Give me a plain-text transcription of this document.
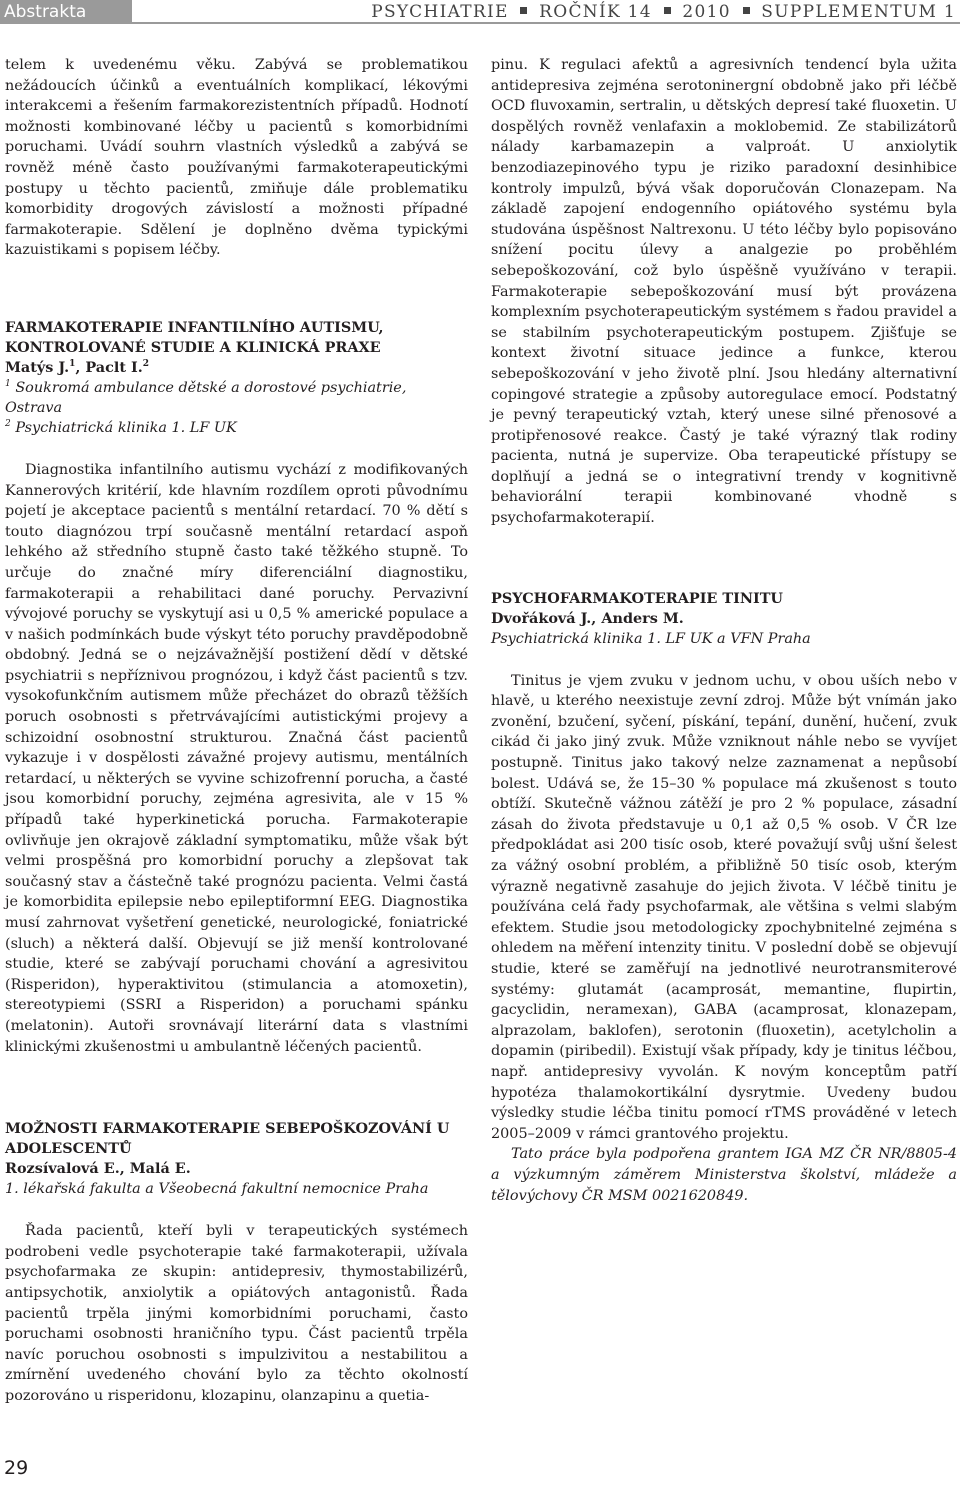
Abstrakta	PSYCHIATRIE ROČNÍK 14 2010 SUPPLEMENTUM 1

telem k uvedenému věku. Zabývá se problematikou nežádoucích účinků a eventuálních komplikací, lékovými interakcemi a řešením farmakorezistentních případů. Hodnotí možnosti kombinované léčby u pacientů s komorbidními poruchami. Uvádí souhrn vlastních výsledků a zabývá se rovněž méně často používanými farmakoterapeutickými postupy u těchto pacientů, zmiňuje dále problematiku komorbidity drogových závislostí a možnosti případné farmakoterapie. Sdělení je doplněno dvěma typickými kazuistikami s popisem léčby.

FARMAKOTERAPIE INFANTILNÍHO AUTISMU, KONTROLOVANÉ STUDIE A KLINICKÁ PRAXE

Matýs J.$^1$, Paclt I.$^2$

$^1$ Soukromá ambulance dětské a dorostové psychiatrie, Ostrava

$^2$ Psychiatrická klinika 1. LF UK

Diagnostika infantilního autismu vychází z modifikovaných Kannerových kritérií, kde hlavním rozdílem oproti původnímu pojetí je akceptace pacientů s mentální retardací. 70 % dětí s touto diagnózou trpí současně mentální retardací aspoň lehkého až středního stupně často také těžkého stupně. To určuje do značné míry diferenciální diagnostiku, farmakoterapii a rehabilitaci dané poruchy. Pervazivní vývojové poruchy se vyskytují asi u 0,5 % americké populace a v našich podmínkách bude výskyt této poruchy pravděpodobně obdobný. Jedná se o nejzávažnější postižení dědí v dětské psychiatrii s nepříznivou prognózou, i když část pacientů s tzv. vysokofunkčním autismem může přecházet do obrazů těžších poruch osobnosti s přetrvávajícími autistickými projevy a schizoidní osobnostní strukturou. Značná část pacientů vykazuje i v dospělosti závažné projevy autismu, mentálních retardací, u některých se vyvine schizofrenní porucha, a časté jsou komorbidní poruchy, zejména agresivita, ale v 15 % případů také hyperkinetická porucha. Farmakoterapie ovlivňuje jen okrajově základní symptomatiku, může však být velmi prospěšná pro komorbidní poruchy a zlepšovat tak současný stav a částečně také prognózu pacienta. Velmi častá je komorbidita epilepsie nebo epileptiformní EEG. Diagnostika musí zahrnovat vyšetření genetické, neurologické, foniatrické (sluch) a některá další. Objevují se již menší kontrolované studie, které se zabývají poruchami chování a agresivitou (Risperidon), hyperaktivitou (stimulancia a atomoxetin), stereotypiemi (SSRI a Risperidon) a poruchami spánku (melatonin). Autoři srovnávají literární data s vlastními klinickými zkušenostmi u ambulantně léčených pacientů.

MOŽNOSTI FARMAKOTERAPIE SEBEPOŠKOZOVÁNÍ U ADOLESCENTŮ

Rozsívalová E., Malá E.

1. lékařská fakulta a Všeobecná fakultní nemocnice Praha

Řada pacientů, kteří byli v terapeutických systémech podrobeni vedle psychoterapie také farmakoterapii, užívala psychofarmaka ze skupin: antidepresiv, thymostabilizérů, antipsychotik, anxiolytik a opiátových antagonistů. Řada pacientů trpěla jinými komorbidními poruchami, často poruchami osobnosti hraničního typu. Část pacientů trpěla navíc poruchou osobnosti s impulzivitou a nestabilitou a zmírnění uvedeného chování bylo za těchto okolností pozorováno u risperidonu, klozapinu, olanzapinu a quetia-

pinu. K regulaci afektů a agresivních tendencí byla užita antidepresiva zejména serotoninergní obdobně jako při léčbě OCD fluvoxamin, sertralin, u dětských depresí také fluoxetin. U dospělých rovněž venlafaxin a moklobemid. Ze stabilizátorů nálady karbamazepin a valproát. U anxiolytik benzodiazepinového typu je riziko paradoxní desinhibice kontroly impulzů, bývá však doporučován Clonazepam. Na základě zapojení endogenního opiátového systému byla studována úspěšnost Naltrexonu. U této léčby bylo popisováno snížení pocitu úlevy a analgezie po proběhlém sebepoškozování, což bylo úspěšně využíváno v terapii. Farmakoterapie sebepoškozování musí být provázena komplexním psychoterapeutickým systémem s řadou pravidel a se stabilním psychoterapeutickým postupem. Zjišťuje se kontext životní situace jedince a funkce, kterou sebepoškozování v jeho životě plní. Jsou hledány alternativní copingové strategie a způsoby autoregulace emocí. Podstatný je pevný terapeutický vztah, který unese silné přenosové a protipřenosové reakce. Častý je také výrazný tlak rodiny pacienta, nutná je supervize. Oba terapeutické přístupy se doplňují a jedná se o integrativní trendy v kognitivně behaviorální terapii kombinované vhodně s psychofarmakoterapií.

PSYCHOFARMAKOTERAPIE TINITU

Dvořáková J., Anders M.

Psychiatrická klinika 1. LF UK a VFN Praha

Tinitus je vjem zvuku v jednom uchu, v obou uších nebo v hlavě, u kterého neexistuje zevní zdroj. Může být vnímán jako zvonění, bzučení, syčení, pískání, tepání, dunění, hučení, zvuk cikád či jako jiný zvuk. Může vzniknout náhle nebo se vyvíjet postupně. Tinitus jako takový nelze zaznamenat a nepůsobí bolest. Udává se, že 15–30 % populace má zkušenost s touto obtíží. Skutečně vážnou zátěží je pro 2 % populace, zásadní zásah do života představuje u 0,1 až 0,5 % osob. V ČR lze předpokládat asi 200 tisíc osob, které považují svůj ušní šelest za vážný osobní problém, a přibližně 50 tisíc osob, kterým výrazně negativně zasahuje do jejich života. V léčbě tinitu je používána celá řady psychofarmak, ale většina s velmi slabým efektem. Studie jsou metodologicky zpochybnitelné zejména s ohledem na měření intenzity tinitu. V poslední době se objevují studie, které se zaměřují na jednotlivé neurotransmiterové systémy: glutamát (acamprosát, memantine, flupirtin, gacyclidin, neramexan), GABA (acamprosat, klonazepam, alprazolam, baklofen), serotonin (fluoxetin), acetylcholin a dopamin (piribedil). Existují však případy, kdy je tinitus léčbou, např. antidepresivy vyvolán. K novým konceptům patří hypotéza thalamokortikální dysrytmie. Uvedeny budou výsledky studie léčba tinitu pomocí rTMS prováděné v letech 2005–2009 v rámci grantového projektu.

Tato práce byla podpořena grantem IGA MZ ČR NR/8805-4 a výzkumným záměrem Ministerstva školství, mládeže a tělovýchovy ČR MSM 0021620849.

29
